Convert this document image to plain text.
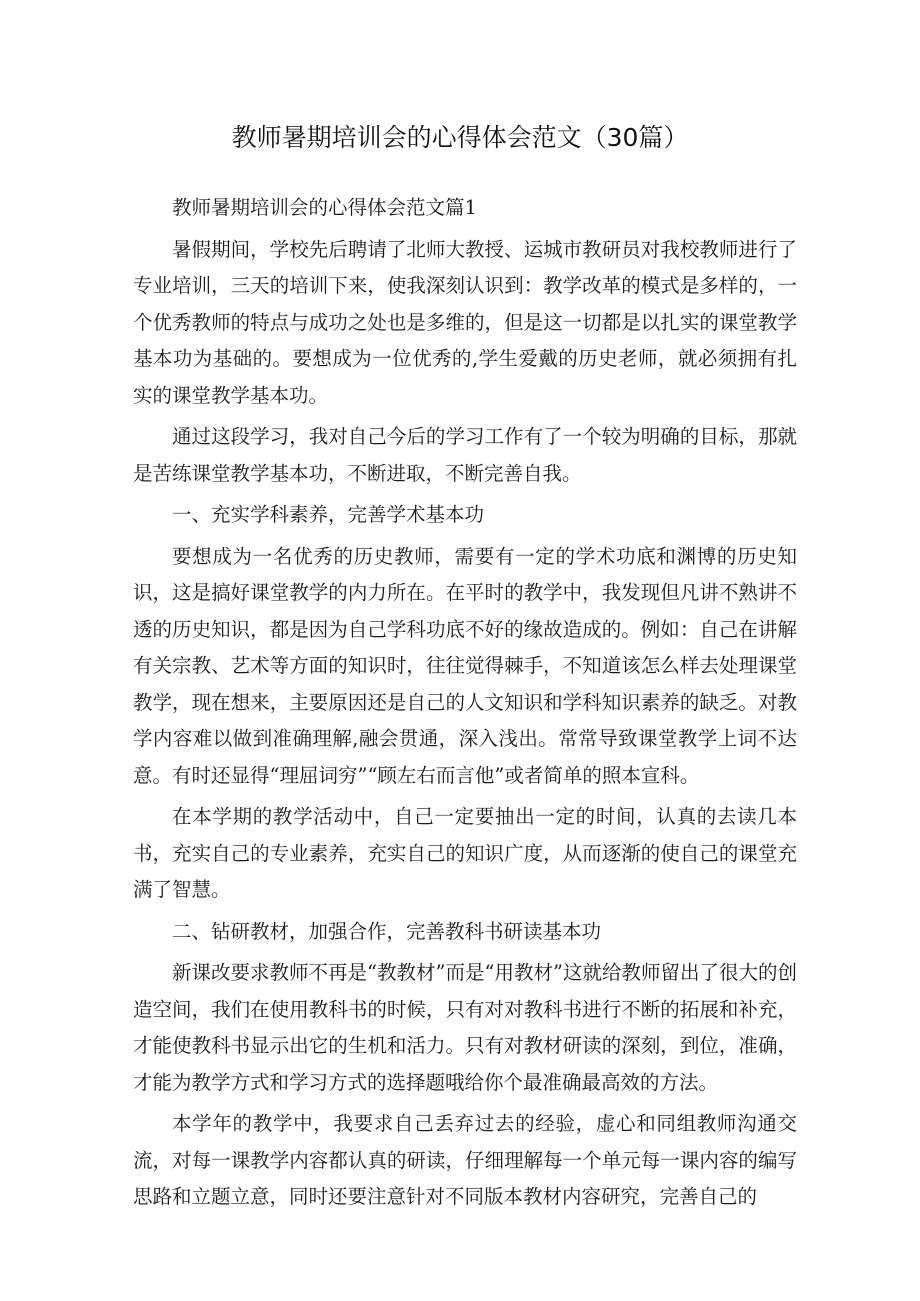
教师暑期培训会的心得体会范文（30篇）

教师暑期培训会的心得体会范文篇1

暑假期间，学校先后聘请了北师大教授、运城市教研员对我校教师进行了专业培训，三天的培训下来，使我深刻认识到：教学改革的模式是多样的，一个优秀教师的特点与成功之处也是多维的，但是这一切都是以扎实的课堂教学基本功为基础的。要想成为一位优秀的,学生爱戴的历史老师，就必须拥有扎实的课堂教学基本功。

通过这段学习，我对自己今后的学习工作有了一个较为明确的目标，那就是苦练课堂教学基本功，不断进取，不断完善自我。

一、充实学科素养，完善学术基本功

要想成为一名优秀的历史教师，需要有一定的学术功底和渊博的历史知识，这是搞好课堂教学的内力所在。在平时的教学中，我发现但凡讲不熟讲不透的历史知识，都是因为自己学科功底不好的缘故造成的。例如：自己在讲解有关宗教、艺术等方面的知识时，往往觉得棘手，不知道该怎么样去处理课堂教学，现在想来，主要原因还是自己的人文知识和学科知识素养的缺乏。对教学内容难以做到准确理解,融会贯通，深入浅出。常常导致课堂教学上词不达意。有时还显得“理屈词穷”“顾左右而言他”或者简单的照本宣科。

在本学期的教学活动中，自己一定要抽出一定的时间，认真的去读几本书，充实自己的专业素养，充实自己的知识广度，从而逐渐的使自己的课堂充满了智慧。

二、钻研教材，加强合作，完善教科书研读基本功

新课改要求教师不再是“教教材”而是“用教材”这就给教师留出了很大的创造空间，我们在使用教科书的时候，只有对对教科书进行不断的拓展和补充，才能使教科书显示出它的生机和活力。只有对教材研读的深刻，到位，准确，才能为教学方式和学习方式的选择题哦给你个最准确最高效的方法。

本学年的教学中，我要求自己丢弃过去的经验，虚心和同组教师沟通交流，对每一课教学内容都认真的研读，仔细理解每一个单元每一课内容的编写思路和立题立意，同时还要注意针对不同版本教材内容研究，完善自己的
